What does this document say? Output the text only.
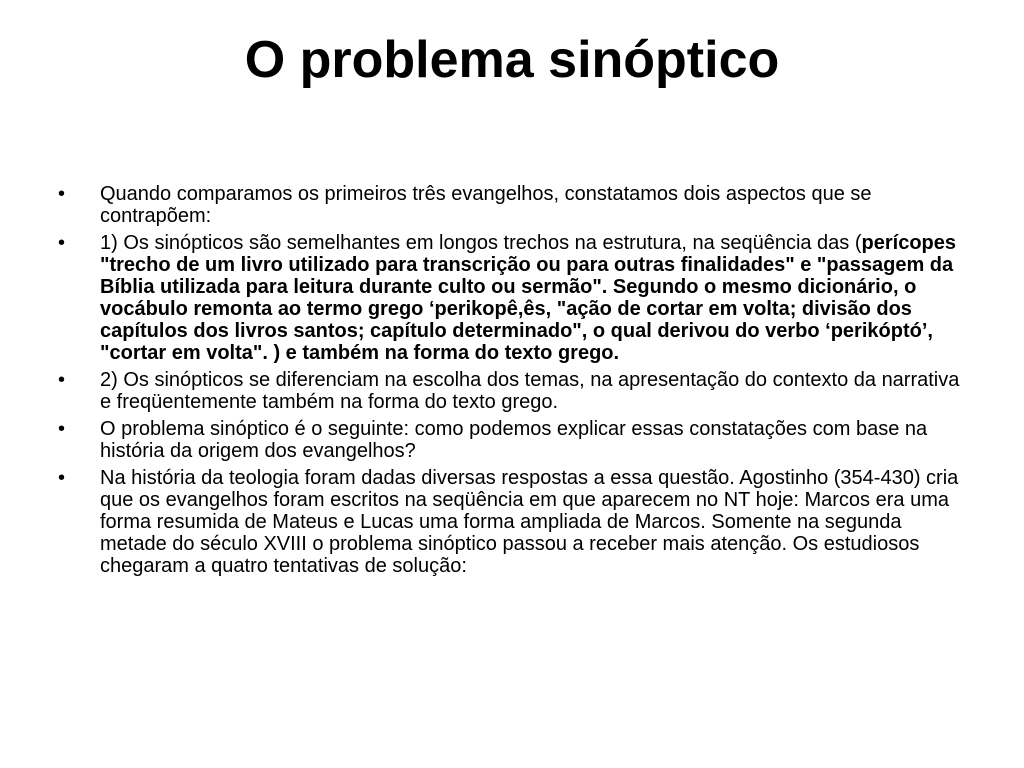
O problema sinóptico
•	Quando comparamos os primeiros três evangelhos, constatamos dois aspectos que se contrapõem:
•	1) Os sinópticos são semelhantes em longos trechos na estrutura, na seqüência das (perícopes "trecho de um livro utilizado para transcrição ou para outras finalidades" e "passagem da Bíblia utilizada para leitura durante culto ou sermão". Segundo o mesmo dicionário, o vocábulo remonta ao termo grego ‘perikopê,ês, "ação de cortar em volta; divisão dos capítulos dos livros santos; capítulo determinado", o qual derivou do verbo ‘perikóptó’, "cortar em volta". ) e também na forma do texto grego.
•	2) Os sinópticos se diferenciam na escolha dos temas, na apresentação do contexto da narrativa e freqüentemente também na forma do texto grego.
•	O problema sinóptico é o seguinte: como podemos explicar essas constatações com base na história da origem dos evangelhos?
•	Na história da teologia foram dadas diversas respostas a essa questão. Agostinho (354-430) cria que os evangelhos foram escritos na seqüência em que aparecem no NT hoje: Marcos era uma forma resumida de Mateus e Lucas uma forma ampliada de Marcos. Somente na segunda metade do século XVIII o problema sinóptico passou a receber mais atenção. Os estudiosos chegaram a quatro tentativas de solução:
